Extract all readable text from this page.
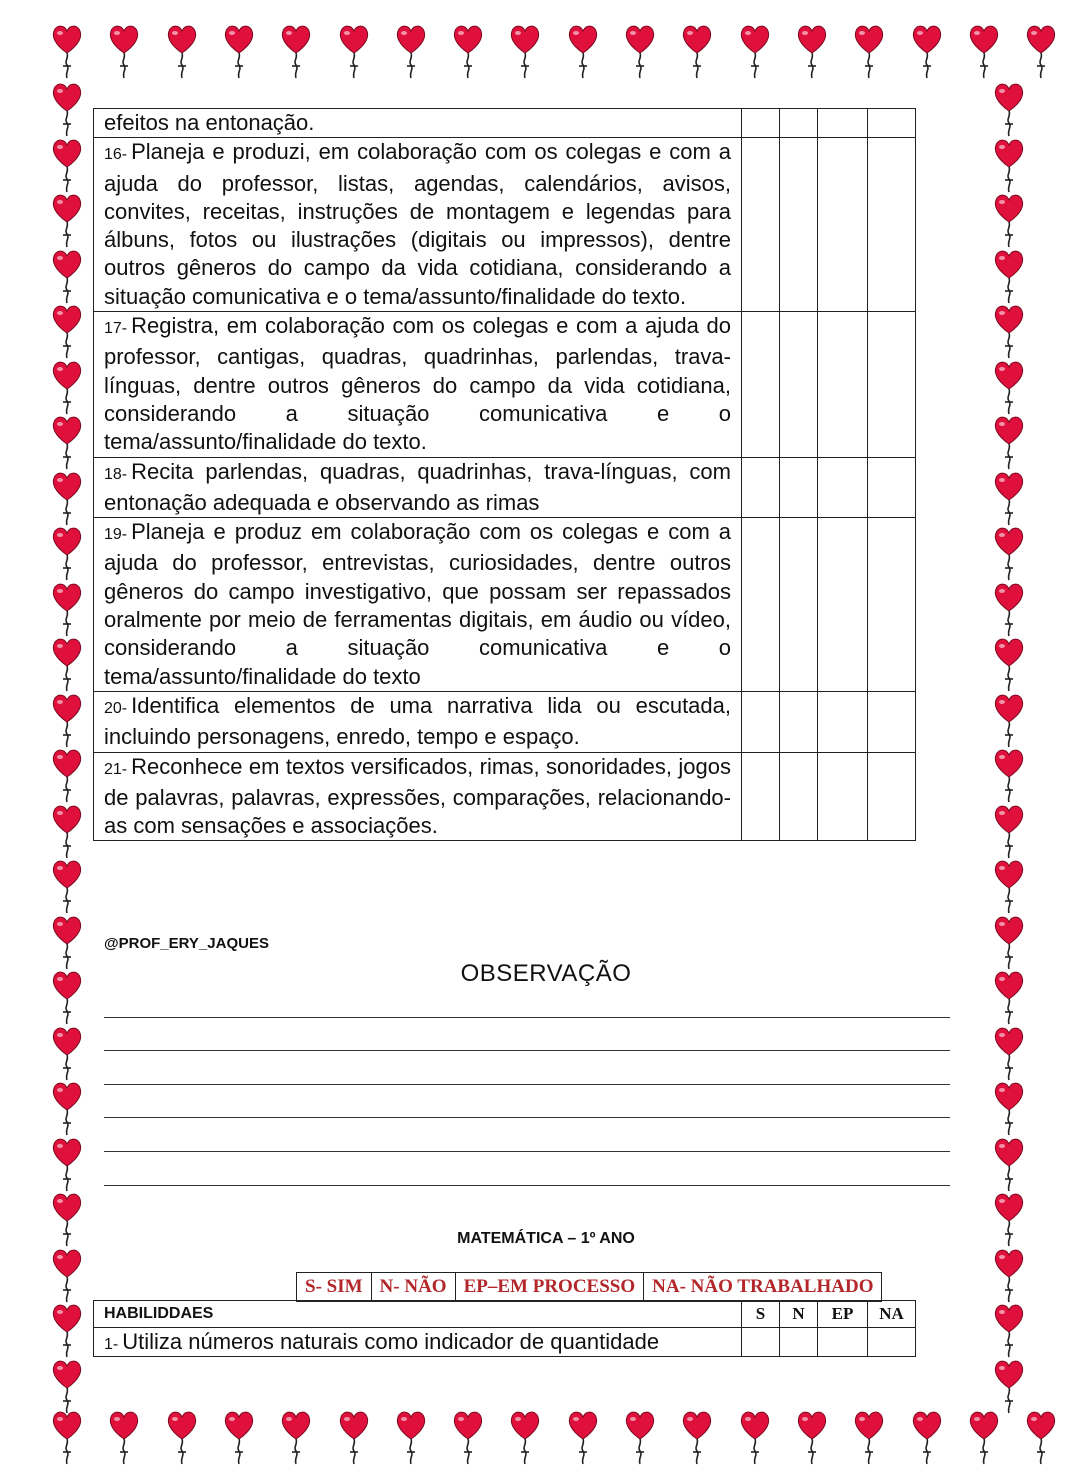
efeitos na entonação.				
16- Planeja e produzi, em colaboração com os colegas e com a ajuda do professor, listas, agendas, calendários, avisos, convites, receitas, instruções de montagem e legendas para álbuns, fotos ou ilustrações (digitais ou impressos), dentre outros gêneros do campo da vida cotidiana, considerando a situação comunicativa e o tema/assunto/finalidade do texto.				
17- Registra, em colaboração com os colegas e com a ajuda do professor, cantigas, quadras, quadrinhas, parlendas, trava-línguas, dentre outros gêneros do campo da vida cotidiana, considerando a situação comunicativa e o tema/assunto/finalidade do texto.				
18- Recita parlendas, quadras, quadrinhas, trava-línguas, com entonação adequada e observando as rimas				
19- Planeja e produz em colaboração com os colegas e com a ajuda do professor, entrevistas, curiosidades, dentre outros gêneros do campo investigativo, que possam ser repassados oralmente por meio de ferramentas digitais, em áudio ou vídeo, considerando a situação comunicativa e o tema/assunto/finalidade do texto				
20- Identifica elementos de uma narrativa lida ou escutada, incluindo personagens, enredo, tempo e espaço.				
21- Reconhece em textos versificados, rimas, sonoridades, jogos de palavras, palavras, expressões, comparações, relacionando-as com sensações e associações.				
@PROF_ERY_JAQUES
OBSERVAÇÃO
MATEMÁTICA – 1º ANO
S- SIM	N- NÃO	EP–EM PROCESSO	NA- NÃO TRABALHADO
HABILIDDAES	S	N	EP	NA
1- Utiliza números naturais como indicador de quantidade				
